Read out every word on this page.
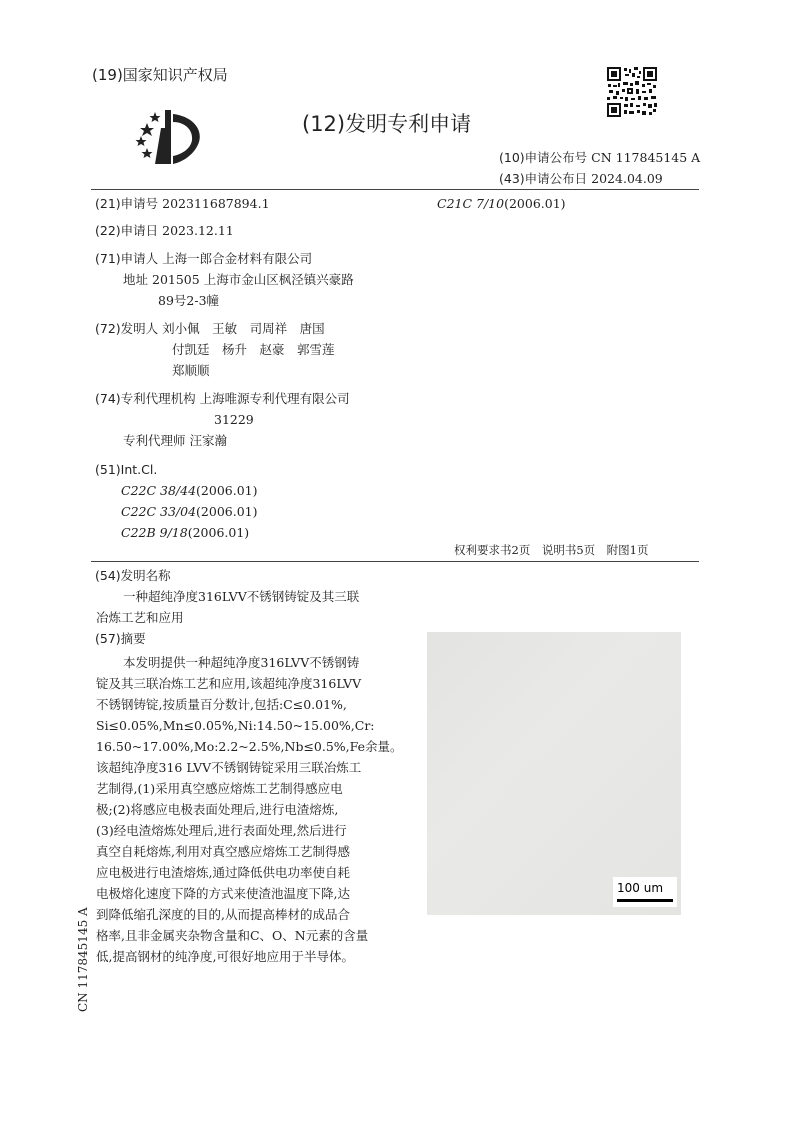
(19)国家知识产权局
(12)发明专利申请
(10)申请公布号 CN 117845145 A
(43)申请公布日 2024.04.09
(21)申请号 202311687894.1	C21C 7/10(2006.01)
(22)申请日 2023.12.11
(71)申请人 上海一郎合金材料有限公司
地址 201505 上海市金山区枫泾镇兴豪路
89号2-3幢
(72)发明人 刘小佩　王敏　司周祥　唐国
付凯廷　杨升　赵豪　郭雪莲
郑顺顺
(74)专利代理机构 上海唯源专利代理有限公司
31229
专利代理师 汪家瀚
(51)Int.Cl.
C22C 38/44(2006.01)
C22C 33/04(2006.01)
C22B 9/18(2006.01)
权利要求书2页　说明书5页　附图1页
(54)发明名称
一种超纯净度316LVV不锈钢铸锭及其三联
冶炼工艺和应用
(57)摘要
本发明提供一种超纯净度316LVV不锈钢铸
锭及其三联冶炼工艺和应用,该超纯净度316LVV
不锈钢铸锭,按质量百分数计,包括:C≤0.01%,
Si≤0.05%,Mn≤0.05%,Ni:14.50~15.00%,Cr:
16.50~17.00%,Mo:2.2~2.5%,Nb≤0.5%,Fe余量。
该超纯净度316 LVV不锈钢铸锭采用三联冶炼工
艺制得,(1)采用真空感应熔炼工艺制得感应电
极;(2)将感应电极表面处理后,进行电渣熔炼,
(3)经电渣熔炼处理后,进行表面处理,然后进行
真空自耗熔炼,利用对真空感应熔炼工艺制得感
应电极进行电渣熔炼,通过降低供电功率使自耗
电极熔化速度下降的方式来使渣池温度下降,达
到降低缩孔深度的目的,从而提高棒材的成品合
格率,且非金属夹杂物含量和C、O、N元素的含量
低,提高钢材的纯净度,可很好地应用于半导体。
100 um
CN 117845145 A
